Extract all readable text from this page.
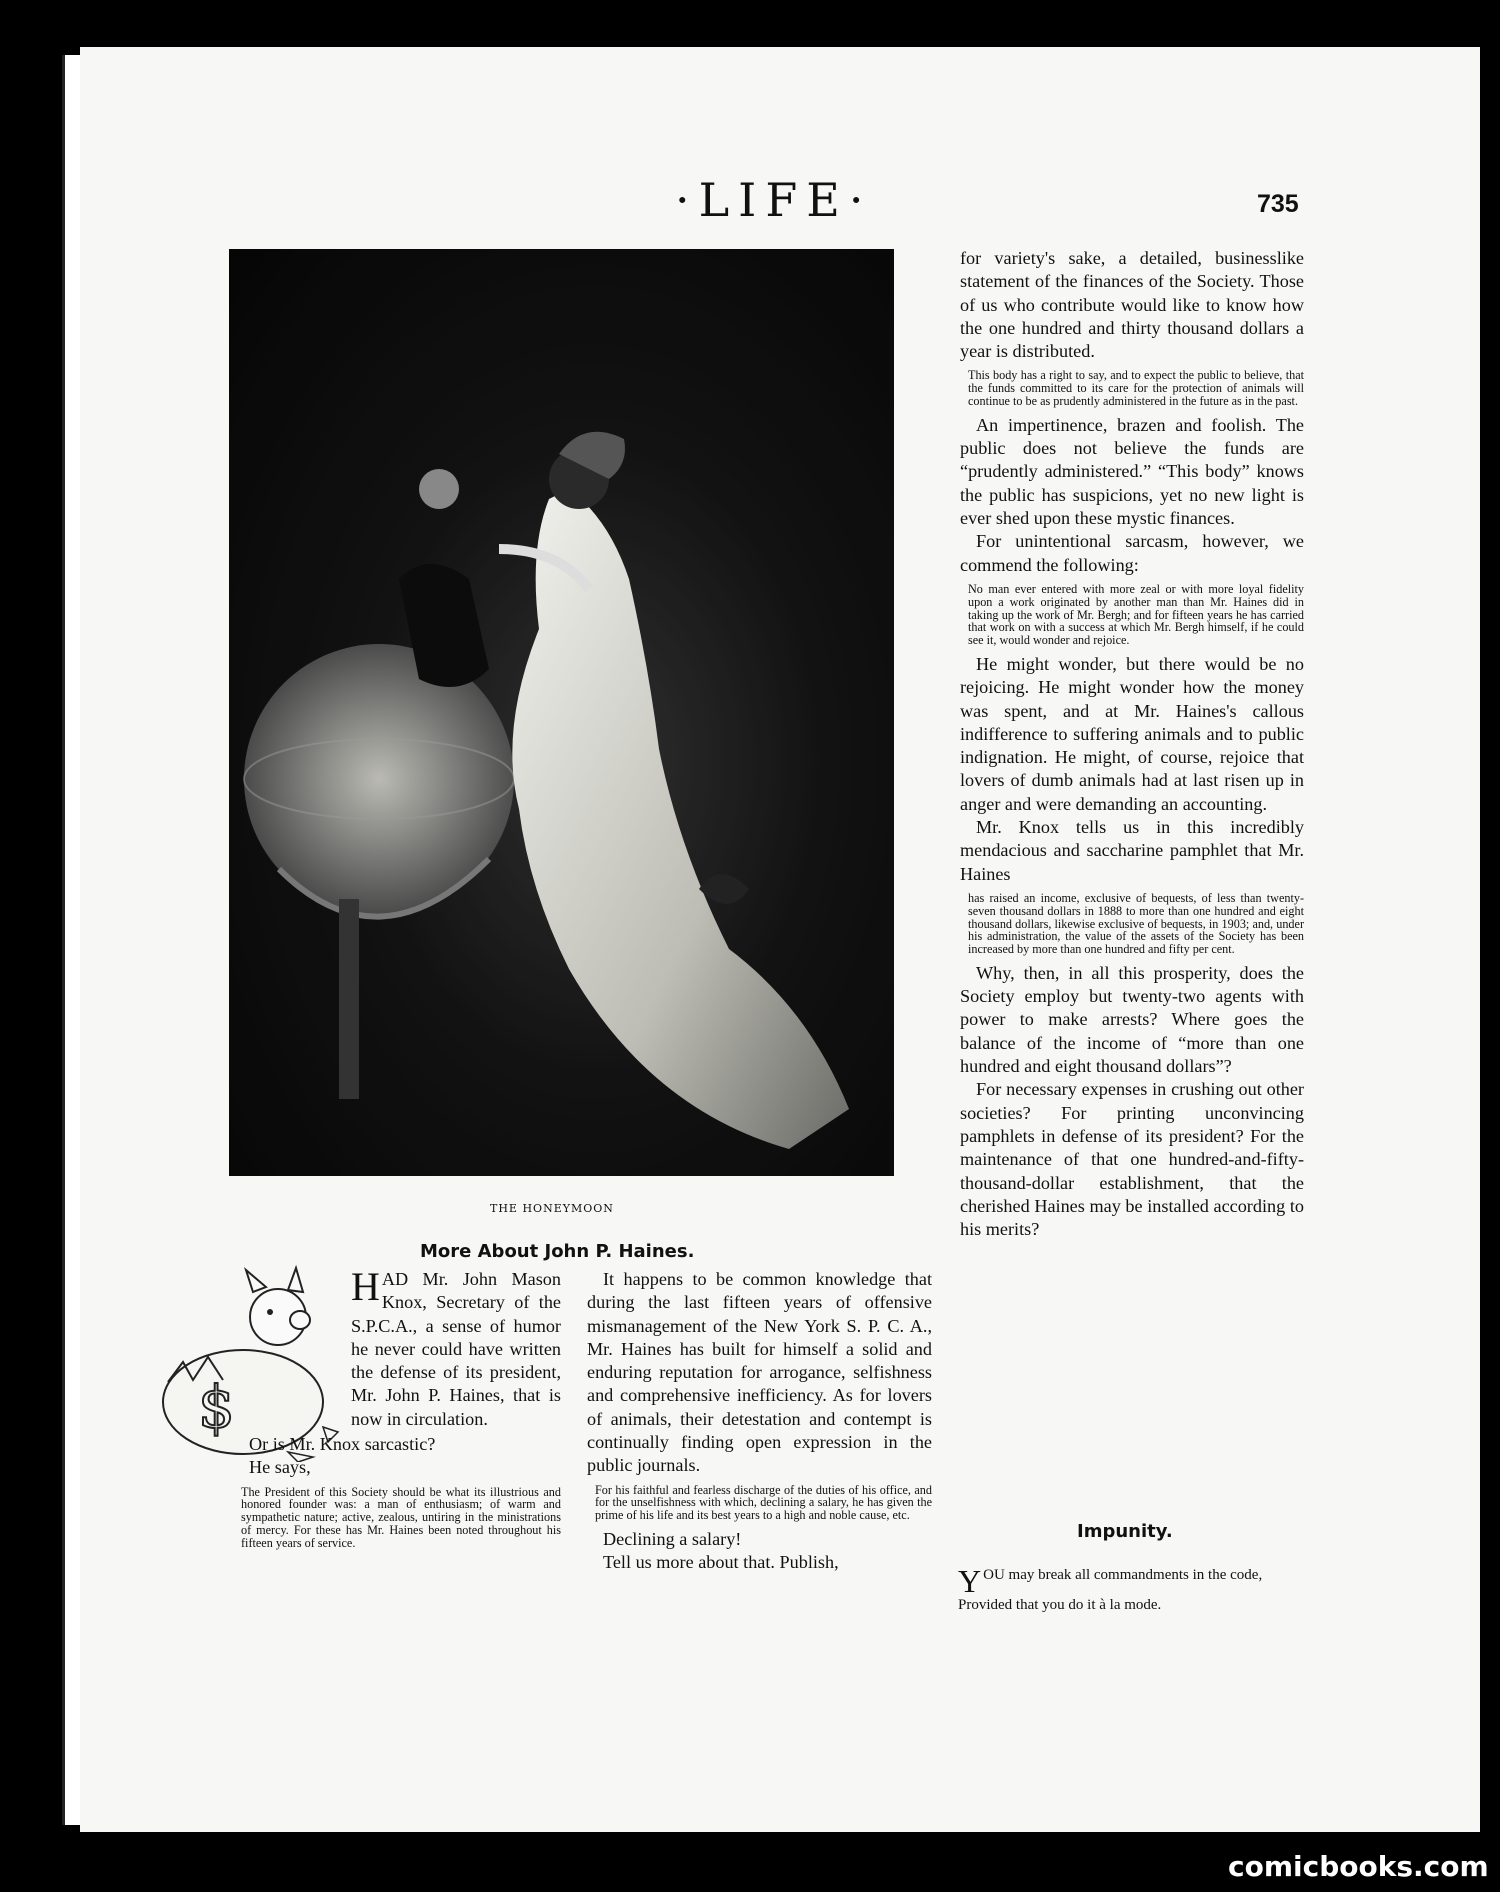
·LIFE·	735
THE HONEYMOON
More About John P. Haines.
$

HAD Mr. John Mason Knox, Secretary of the S.P.C.A., a sense of humor he never could have written the defense of its president, Mr. John P. Haines, that is now in circulation.

Or is Mr. Knox sarcastic?

He says,

The President of this Society should be what its illustrious and honored founder was: a man of enthusiasm; of warm and sympathetic nature; active, zealous, untiring in the ministrations of mercy. For these has Mr. Haines been noted throughout his fifteen years of service.

It happens to be common knowledge that during the last fifteen years of offensive mismanagement of the New York S. P. C. A., Mr. Haines has built for himself a solid and enduring reputation for arrogance, selfishness and comprehensive inefficiency. As for lovers of animals, their detestation and contempt is continually finding open expression in the public journals.

For his faithful and fearless discharge of the duties of his office, and for the unselfishness with which, declining a salary, he has given the prime of his life and its best years to a high and noble cause, etc.

Declining a salary!

Tell us more about that. Publish,

for variety's sake, a detailed, businesslike statement of the finances of the Society. Those of us who contribute would like to know how the one hundred and thirty thousand dollars a year is distributed.

This body has a right to say, and to expect the public to believe, that the funds committed to its care for the protection of animals will continue to be as prudently administered in the future as in the past.

An impertinence, brazen and foolish. The public does not believe the funds are “prudently administered.” “This body” knows the public has suspicions, yet no new light is ever shed upon these mystic finances.

For unintentional sarcasm, however, we commend the following:

No man ever entered with more zeal or with more loyal fidelity upon a work originated by another man than Mr. Haines did in taking up the work of Mr. Bergh; and for fifteen years he has carried that work on with a success at which Mr. Bergh himself, if he could see it, would wonder and rejoice.

He might wonder, but there would be no rejoicing. He might wonder how the money was spent, and at Mr. Haines's callous indifference to suffering animals and to public indignation. He might, of course, rejoice that lovers of dumb animals had at last risen up in anger and were demanding an accounting.

Mr. Knox tells us in this incredibly mendacious and saccharine pamphlet that Mr. Haines

has raised an income, exclusive of bequests, of less than twenty-seven thousand dollars in 1888 to more than one hundred and eight thousand dollars, likewise exclusive of bequests, in 1903; and, under his administration, the value of the assets of the Society has been increased by more than one hundred and fifty per cent.

Why, then, in all this prosperity, does the Society employ but twenty-two agents with power to make arrests? Where goes the balance of the income of “more than one hundred and eight thousand dollars”?

For necessary expenses in crushing out other societies? For printing unconvincing pamphlets in defense of its president? For the maintenance of that one hundred-and-fifty-thousand-dollar establishment, that the cherished Haines may be installed according to his merits?

Impunity.

YOU may break all commandments in the code,

Provided that you do it à la mode.

comicbooks.com
